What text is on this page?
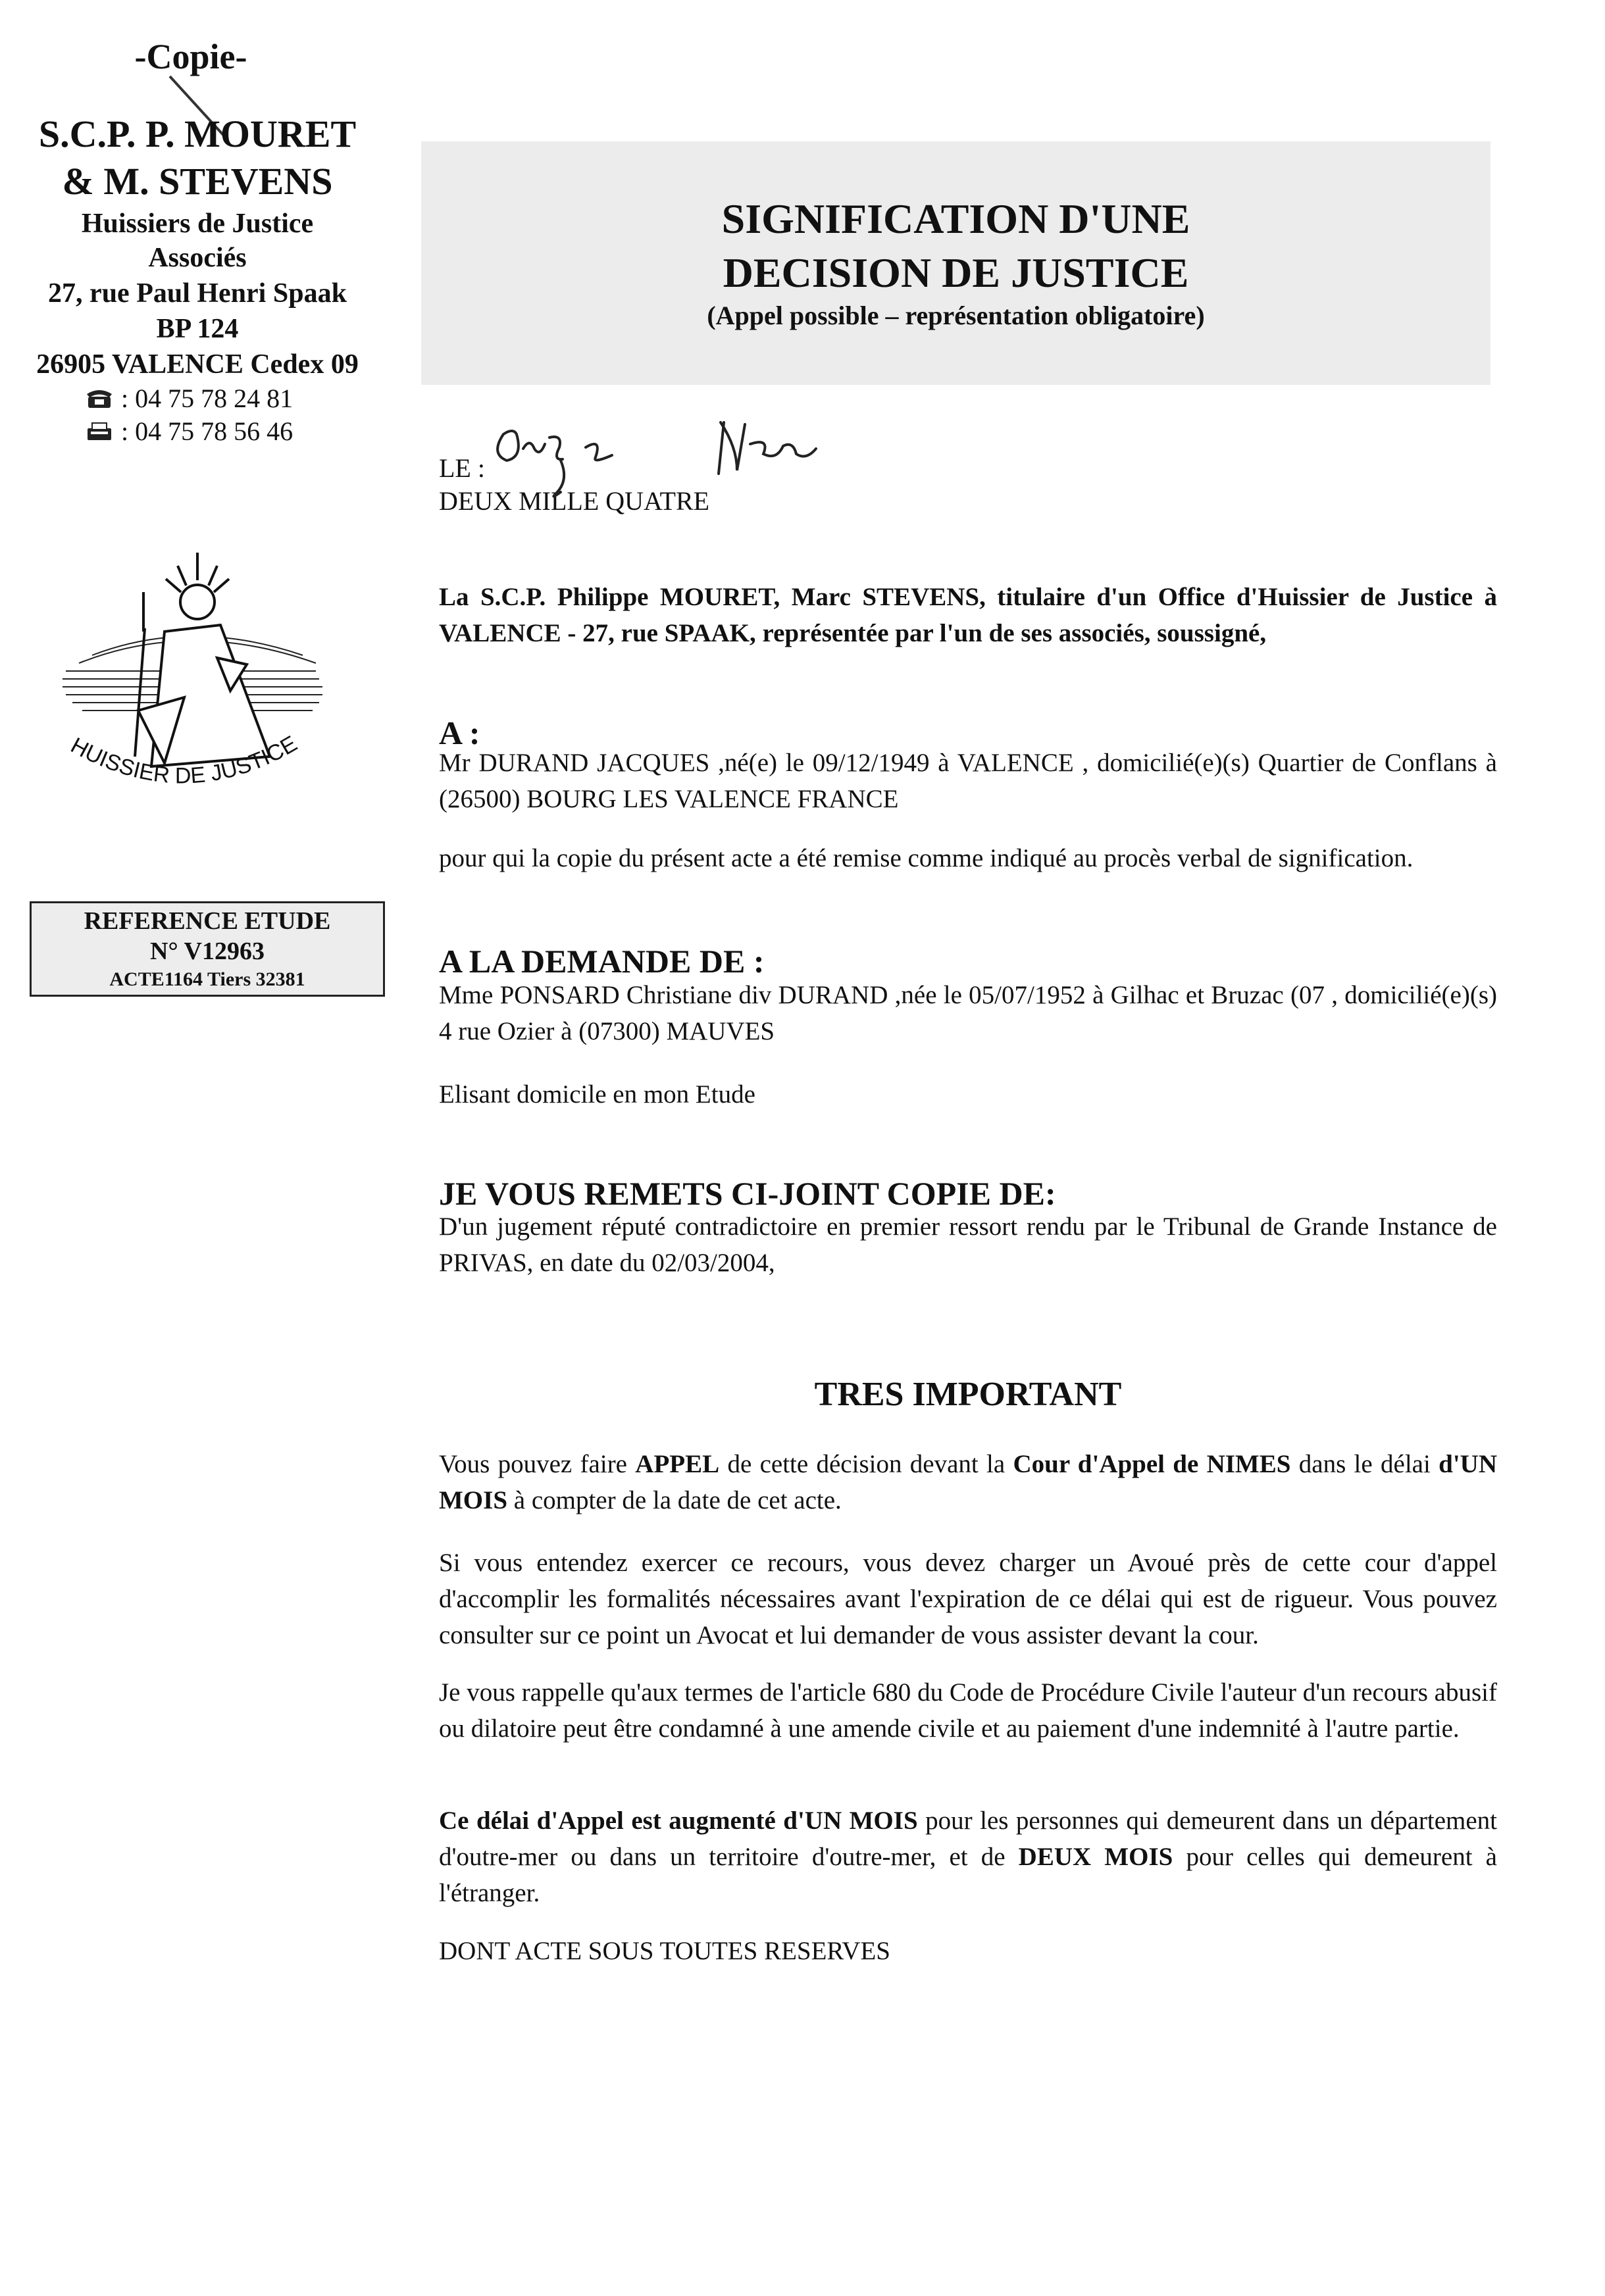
-Copie-
S.C.P. P. MOURET
& M. STEVENS
Huissiers de Justice
Associés
27, rue Paul Henri Spaak
BP 124
26905 VALENCE Cedex 09
: 04 75 78 24 81
: 04 75 78 56 46
HUISSIER DE JUSTICE
REFERENCE ETUDE
N° V12963
ACTE1164 Tiers 32381
SIGNIFICATION D'UNE
DECISION DE JUSTICE
(Appel possible – représentation obligatoire)
LE :
DEUX MILLE QUATRE
Onze Mars
La S.C.P. Philippe MOURET, Marc STEVENS, titulaire d'un Office d'Huissier de Justice à VALENCE - 27, rue SPAAK, représentée par l'un de ses associés, soussigné,
A :
Mr DURAND JACQUES ,né(e) le 09/12/1949 à VALENCE , domicilié(e)(s) Quartier de Conflans à (26500) BOURG LES VALENCE FRANCE
pour qui la copie du présent acte a été remise comme indiqué au procès verbal de signification.
A LA DEMANDE DE :
Mme PONSARD Christiane div DURAND ,née le 05/07/1952 à Gilhac et Bruzac (07 , domicilié(e)(s) 4 rue Ozier à (07300) MAUVES
Elisant domicile en mon Etude
JE VOUS REMETS CI-JOINT COPIE DE:
D'un jugement réputé contradictoire en premier ressort rendu par le Tribunal de Grande Instance de PRIVAS, en date du 02/03/2004,
TRES IMPORTANT
Vous pouvez faire APPEL de cette décision devant la Cour d'Appel de NIMES dans le délai d'UN MOIS à compter de la date de cet acte.
Si vous entendez exercer ce recours, vous devez charger un Avoué près de cette cour d'appel d'accomplir les formalités nécessaires avant l'expiration de ce délai qui est de rigueur. Vous pouvez consulter sur ce point un Avocat et lui demander de vous assister devant la cour.
Je vous rappelle qu'aux termes de l'article 680 du Code de Procédure Civile l'auteur d'un recours abusif ou dilatoire peut être condamné à une amende civile et au paiement d'une indemnité à l'autre partie.
Ce délai d'Appel est augmenté d'UN MOIS pour les personnes qui demeurent dans un département d'outre-mer ou dans un territoire d'outre-mer, et de DEUX MOIS pour celles qui demeurent à l'étranger.
DONT ACTE SOUS TOUTES RESERVES
